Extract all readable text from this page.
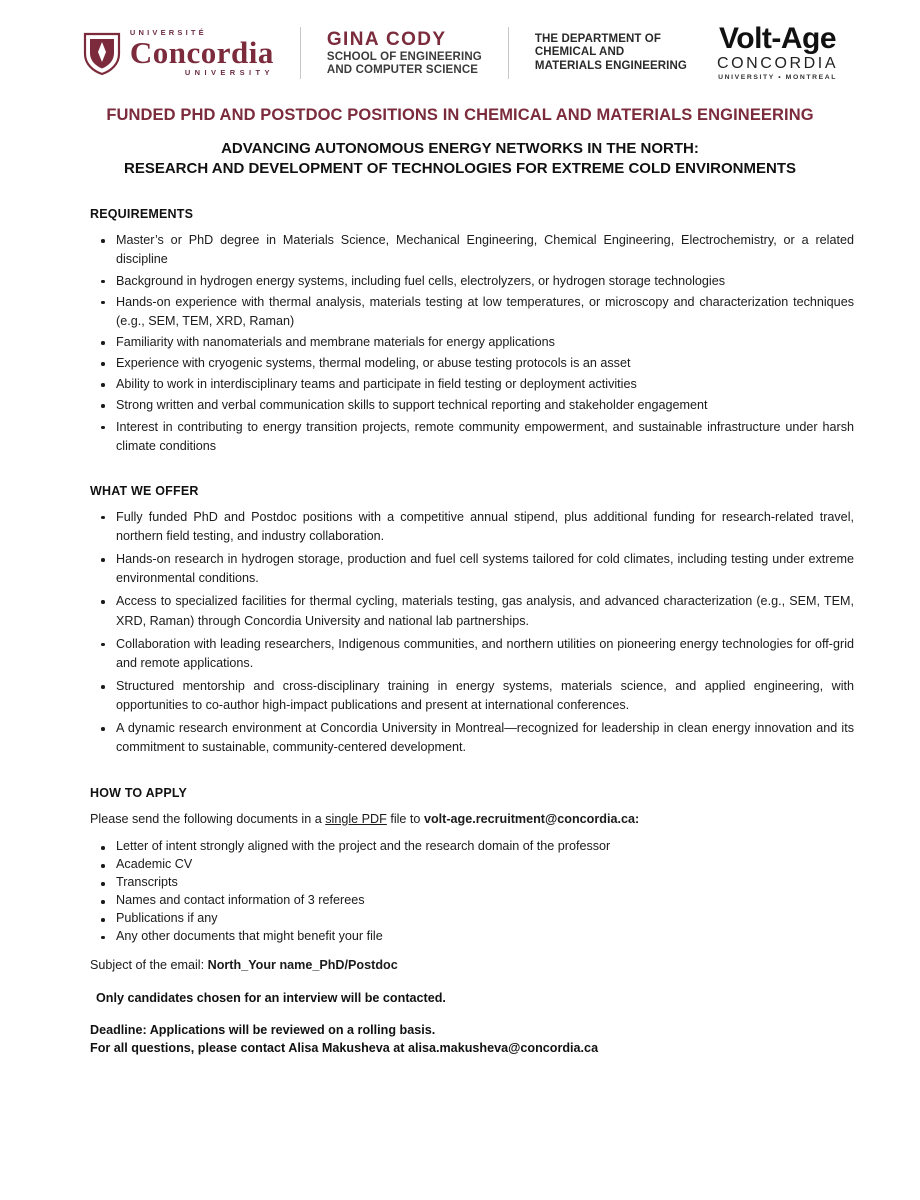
UNIVERSITÉ
Concordia
UNIVERSITY
GINA CODY
SCHOOL OF ENGINEERING
AND COMPUTER SCIENCE
THE DEPARTMENT OF
CHEMICAL AND
MATERIALS ENGINEERING
Volt-Age
CONCORDIA
UNIVERSITY • MONTREAL
FUNDED PHD AND POSTDOC POSITIONS IN CHEMICAL AND MATERIALS ENGINEERING
ADVANCING AUTONOMOUS ENERGY NETWORKS IN THE NORTH:
RESEARCH AND DEVELOPMENT OF TECHNOLOGIES FOR EXTREME COLD ENVIRONMENTS
REQUIREMENTS
Master’s or PhD degree in Materials Science, Mechanical Engineering, Chemical Engineering, Electrochemistry, or a related discipline
Background in hydrogen energy systems, including fuel cells, electrolyzers, or hydrogen storage technologies
Hands-on experience with thermal analysis, materials testing at low temperatures, or microscopy and characterization techniques (e.g., SEM, TEM, XRD, Raman)
Familiarity with nanomaterials and membrane materials for energy applications
Experience with cryogenic systems, thermal modeling, or abuse testing protocols is an asset
Ability to work in interdisciplinary teams and participate in field testing or deployment activities
Strong written and verbal communication skills to support technical reporting and stakeholder engagement
Interest in contributing to energy transition projects, remote community empowerment, and sustainable infrastructure under harsh climate conditions
WHAT WE OFFER
Fully funded PhD and Postdoc positions with a competitive annual stipend, plus additional funding for research-related travel, northern field testing, and industry collaboration.
Hands-on research in hydrogen storage, production and fuel cell systems tailored for cold climates, including testing under extreme environmental conditions.
Access to specialized facilities for thermal cycling, materials testing, gas analysis, and advanced characterization (e.g., SEM, TEM, XRD, Raman) through Concordia University and national lab partnerships.
Collaboration with leading researchers, Indigenous communities, and northern utilities on pioneering energy technologies for off-grid and remote applications.
Structured mentorship and cross-disciplinary training in energy systems, materials science, and applied engineering, with opportunities to co-author high-impact publications and present at international conferences.
A dynamic research environment at Concordia University in Montreal—recognized for leadership in clean energy innovation and its commitment to sustainable, community-centered development.
HOW TO APPLY
Please send the following documents in a single PDF file to volt-age.recruitment@concordia.ca:
Letter of intent strongly aligned with the project and the research domain of the professor
Academic CV
Transcripts
Names and contact information of 3 referees
Publications if any
Any other documents that might benefit your file
Subject of the email: North_Your name_PhD/Postdoc
Only candidates chosen for an interview will be contacted.
Deadline: Applications will be reviewed on a rolling basis.
For all questions, please contact Alisa Makusheva at alisa.makusheva@concordia.ca
